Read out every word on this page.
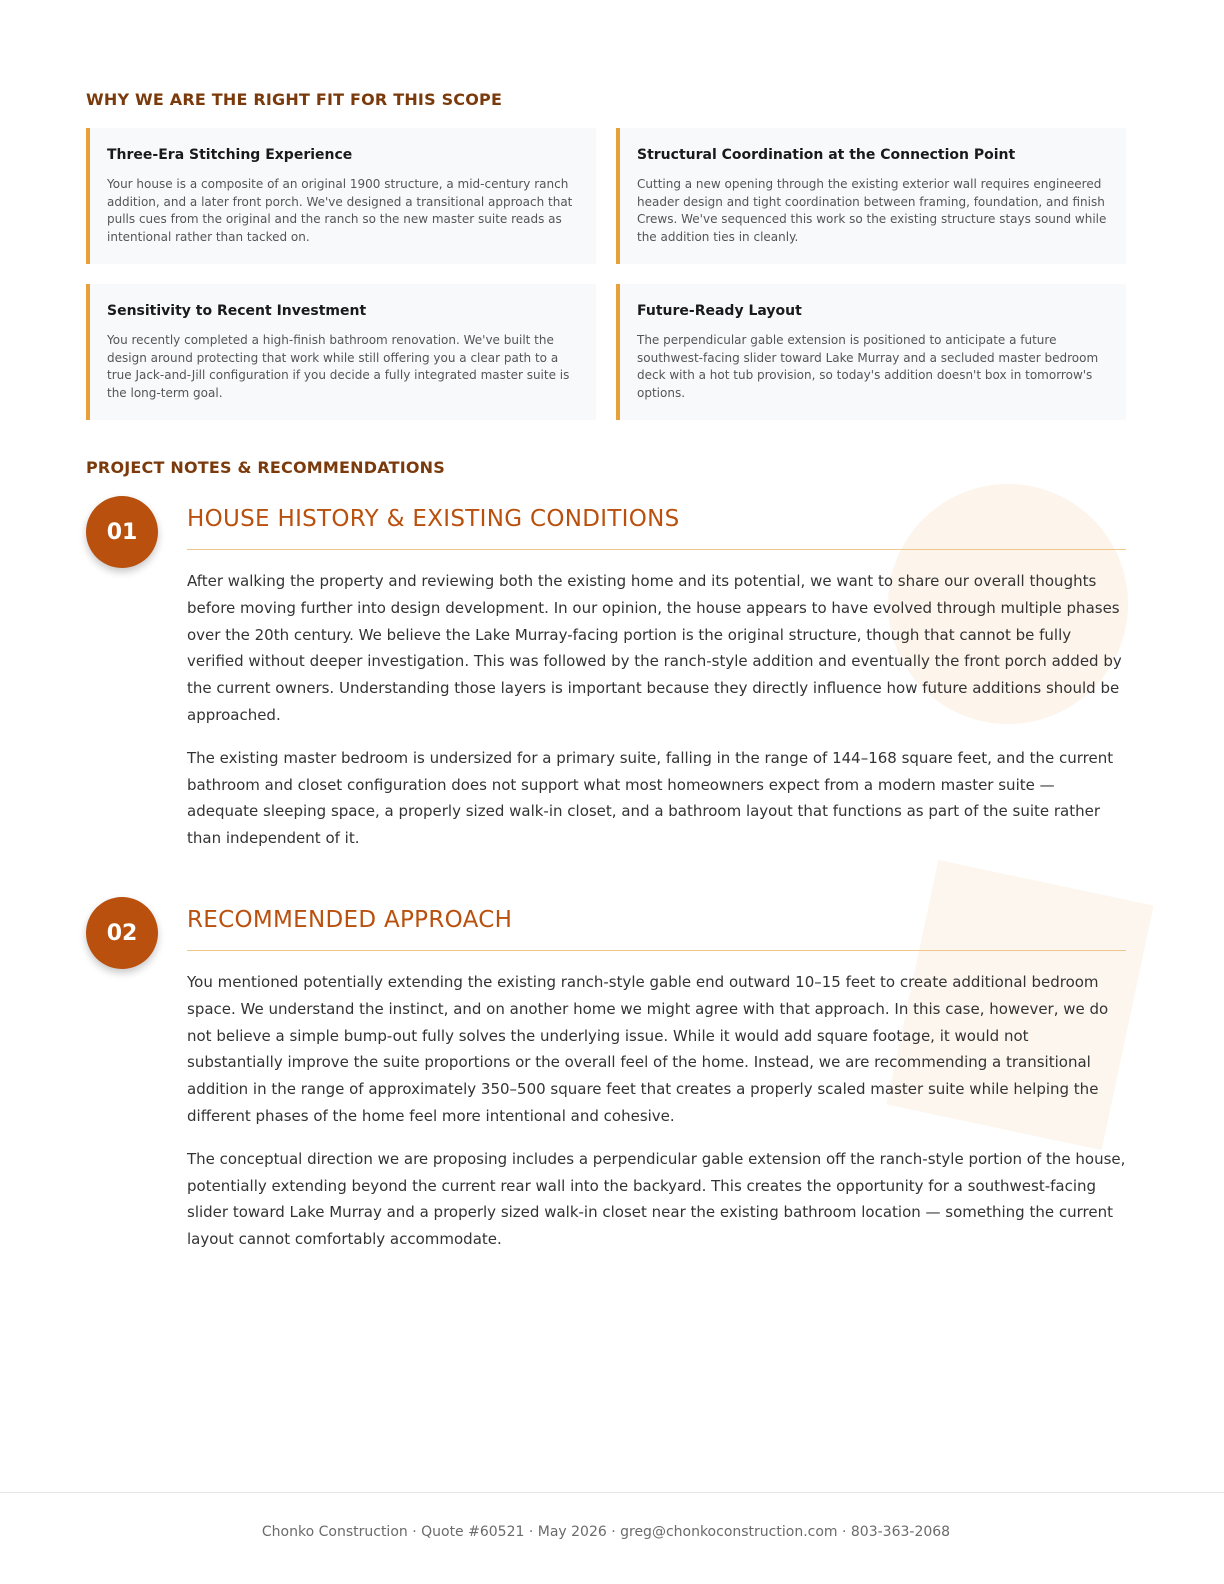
WHY WE ARE THE RIGHT FIT FOR THIS SCOPE
Three-Era Stitching Experience

Your house is a composite of an original 1900 structure, a mid-century ranch addition, and a later front porch. We've designed a transitional approach that pulls cues from the original and the ranch so the new master suite reads as intentional rather than tacked on.

Structural Coordination at the Connection Point

Cutting a new opening through the existing exterior wall requires engineered header design and tight coordination between framing, foundation, and finish Crews. We've sequenced this work so the existing structure stays sound while the addition ties in cleanly.

Sensitivity to Recent Investment

You recently completed a high-finish bathroom renovation. We've built the design around protecting that work while still offering you a clear path to a true Jack-and-Jill configuration if you decide a fully integrated master suite is the long-term goal.

Future-Ready Layout

The perpendicular gable extension is positioned to anticipate a future southwest-facing slider toward Lake Murray and a secluded master bedroom deck with a hot tub provision, so today's addition doesn't box in tomorrow's options.

PROJECT NOTES & RECOMMENDATIONS
01	HOUSE HISTORY & EXISTING CONDITIONS

After walking the property and reviewing both the existing home and its potential, we want to share our overall thoughts before moving further into design development. In our opinion, the house appears to have evolved through multiple phases over the 20th century. We believe the Lake Murray-facing portion is the original structure, though that cannot be fully verified without deeper investigation. This was followed by the ranch-style addition and eventually the front porch added by the current owners. Understanding those layers is important because they directly influence how future additions should be approached.

The existing master bedroom is undersized for a primary suite, falling in the range of 144–168 square feet, and the current bathroom and closet configuration does not support what most homeowners expect from a modern master suite — adequate sleeping space, a properly sized walk-in closet, and a bathroom layout that functions as part of the suite rather than independent of it.

02	RECOMMENDED APPROACH

You mentioned potentially extending the existing ranch-style gable end outward 10–15 feet to create additional bedroom space. We understand the instinct, and on another home we might agree with that approach. In this case, however, we do not believe a simple bump-out fully solves the underlying issue. While it would add square footage, it would not substantially improve the suite proportions or the overall feel of the home. Instead, we are recommending a transitional addition in the range of approximately 350–500 square feet that creates a properly scaled master suite while helping the different phases of the home feel more intentional and cohesive.

The conceptual direction we are proposing includes a perpendicular gable extension off the ranch-style portion of the house, potentially extending beyond the current rear wall into the backyard. This creates the opportunity for a southwest-facing slider toward Lake Murray and a properly sized walk-in closet near the existing bathroom location — something the current layout cannot comfortably accommodate.

Chonko Construction · Quote #60521 · May 2026 · greg@chonkoconstruction.com · 803-363-2068
